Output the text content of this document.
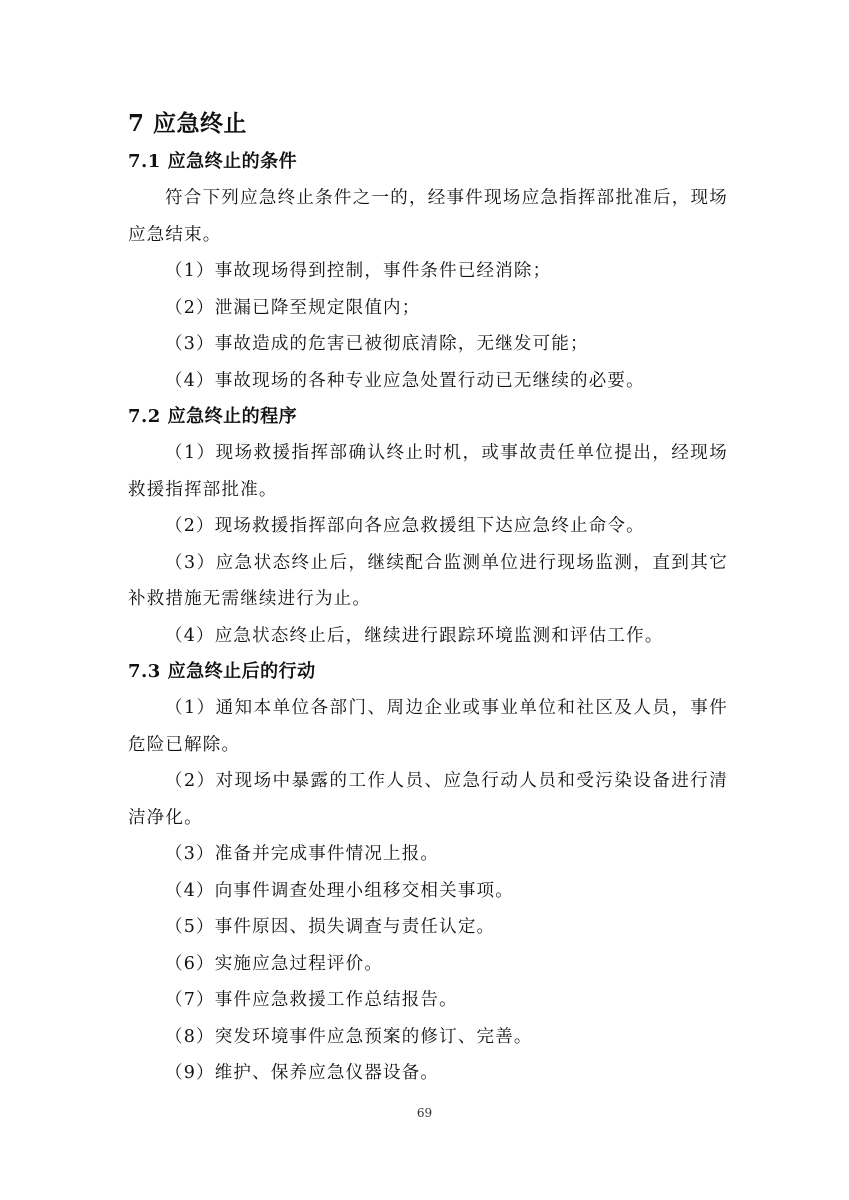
7 应急终止
7.1 应急终止的条件

符合下列应急终止条件之一的，经事件现场应急指挥部批准后，现场应急结束。

（1）事故现场得到控制，事件条件已经消除；

（2）泄漏已降至规定限值内；

（3）事故造成的危害已被彻底清除，无继发可能；

（4）事故现场的各种专业应急处置行动已无继续的必要。

7.2 应急终止的程序

（1）现场救援指挥部确认终止时机，或事故责任单位提出，经现场救援指挥部批准。

（2）现场救援指挥部向各应急救援组下达应急终止命令。

（3）应急状态终止后，继续配合监测单位进行现场监测，直到其它补救措施无需继续进行为止。

（4）应急状态终止后，继续进行跟踪环境监测和评估工作。

7.3 应急终止后的行动

（1）通知本单位各部门、周边企业或事业单位和社区及人员，事件危险已解除。

（2）对现场中暴露的工作人员、应急行动人员和受污染设备进行清洁净化。

（3）准备并完成事件情况上报。

（4）向事件调查处理小组移交相关事项。

（5）事件原因、损失调查与责任认定。

（6）实施应急过程评价。

（7）事件应急救援工作总结报告。

（8）突发环境事件应急预案的修订、完善。

（9）维护、保养应急仪器设备。

69
